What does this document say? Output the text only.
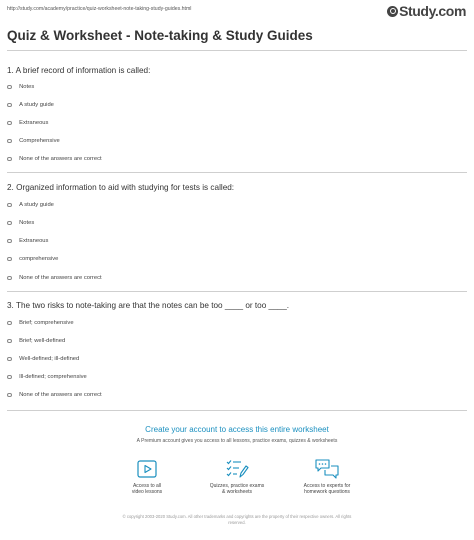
http://study.com/academy/practice/quiz-worksheet-note-taking-study-guides.html	Study.com
Quiz & Worksheet - Note-taking & Study Guides
1. A brief record of information is called:
Notes
A study guide
Extraneous
Comprehensive
None of the answers are correct
2. Organized information to aid with studying for tests is called:
A study guide
Notes
Extraneous
comprehensive
None of the answers are correct
3. The two risks to note-taking are that the notes can be too ____ or too ____.
Brief; comprehensive
Brief; well-defined
Well-defined; ill-defined
Ill-defined; comprehensive
None of the answers are correct
Create your account to access this entire worksheet
A Premium account gives you access to all lessons, practice exams, quizzes & worksheets
Access to all
video lessons
Quizzes, practice exams
& worksheets
Access to experts for
homework questions
© copyright 2003-2020 Study.com. All other trademarks and copyrights are the property of their respective owners. All rights
reserved.
